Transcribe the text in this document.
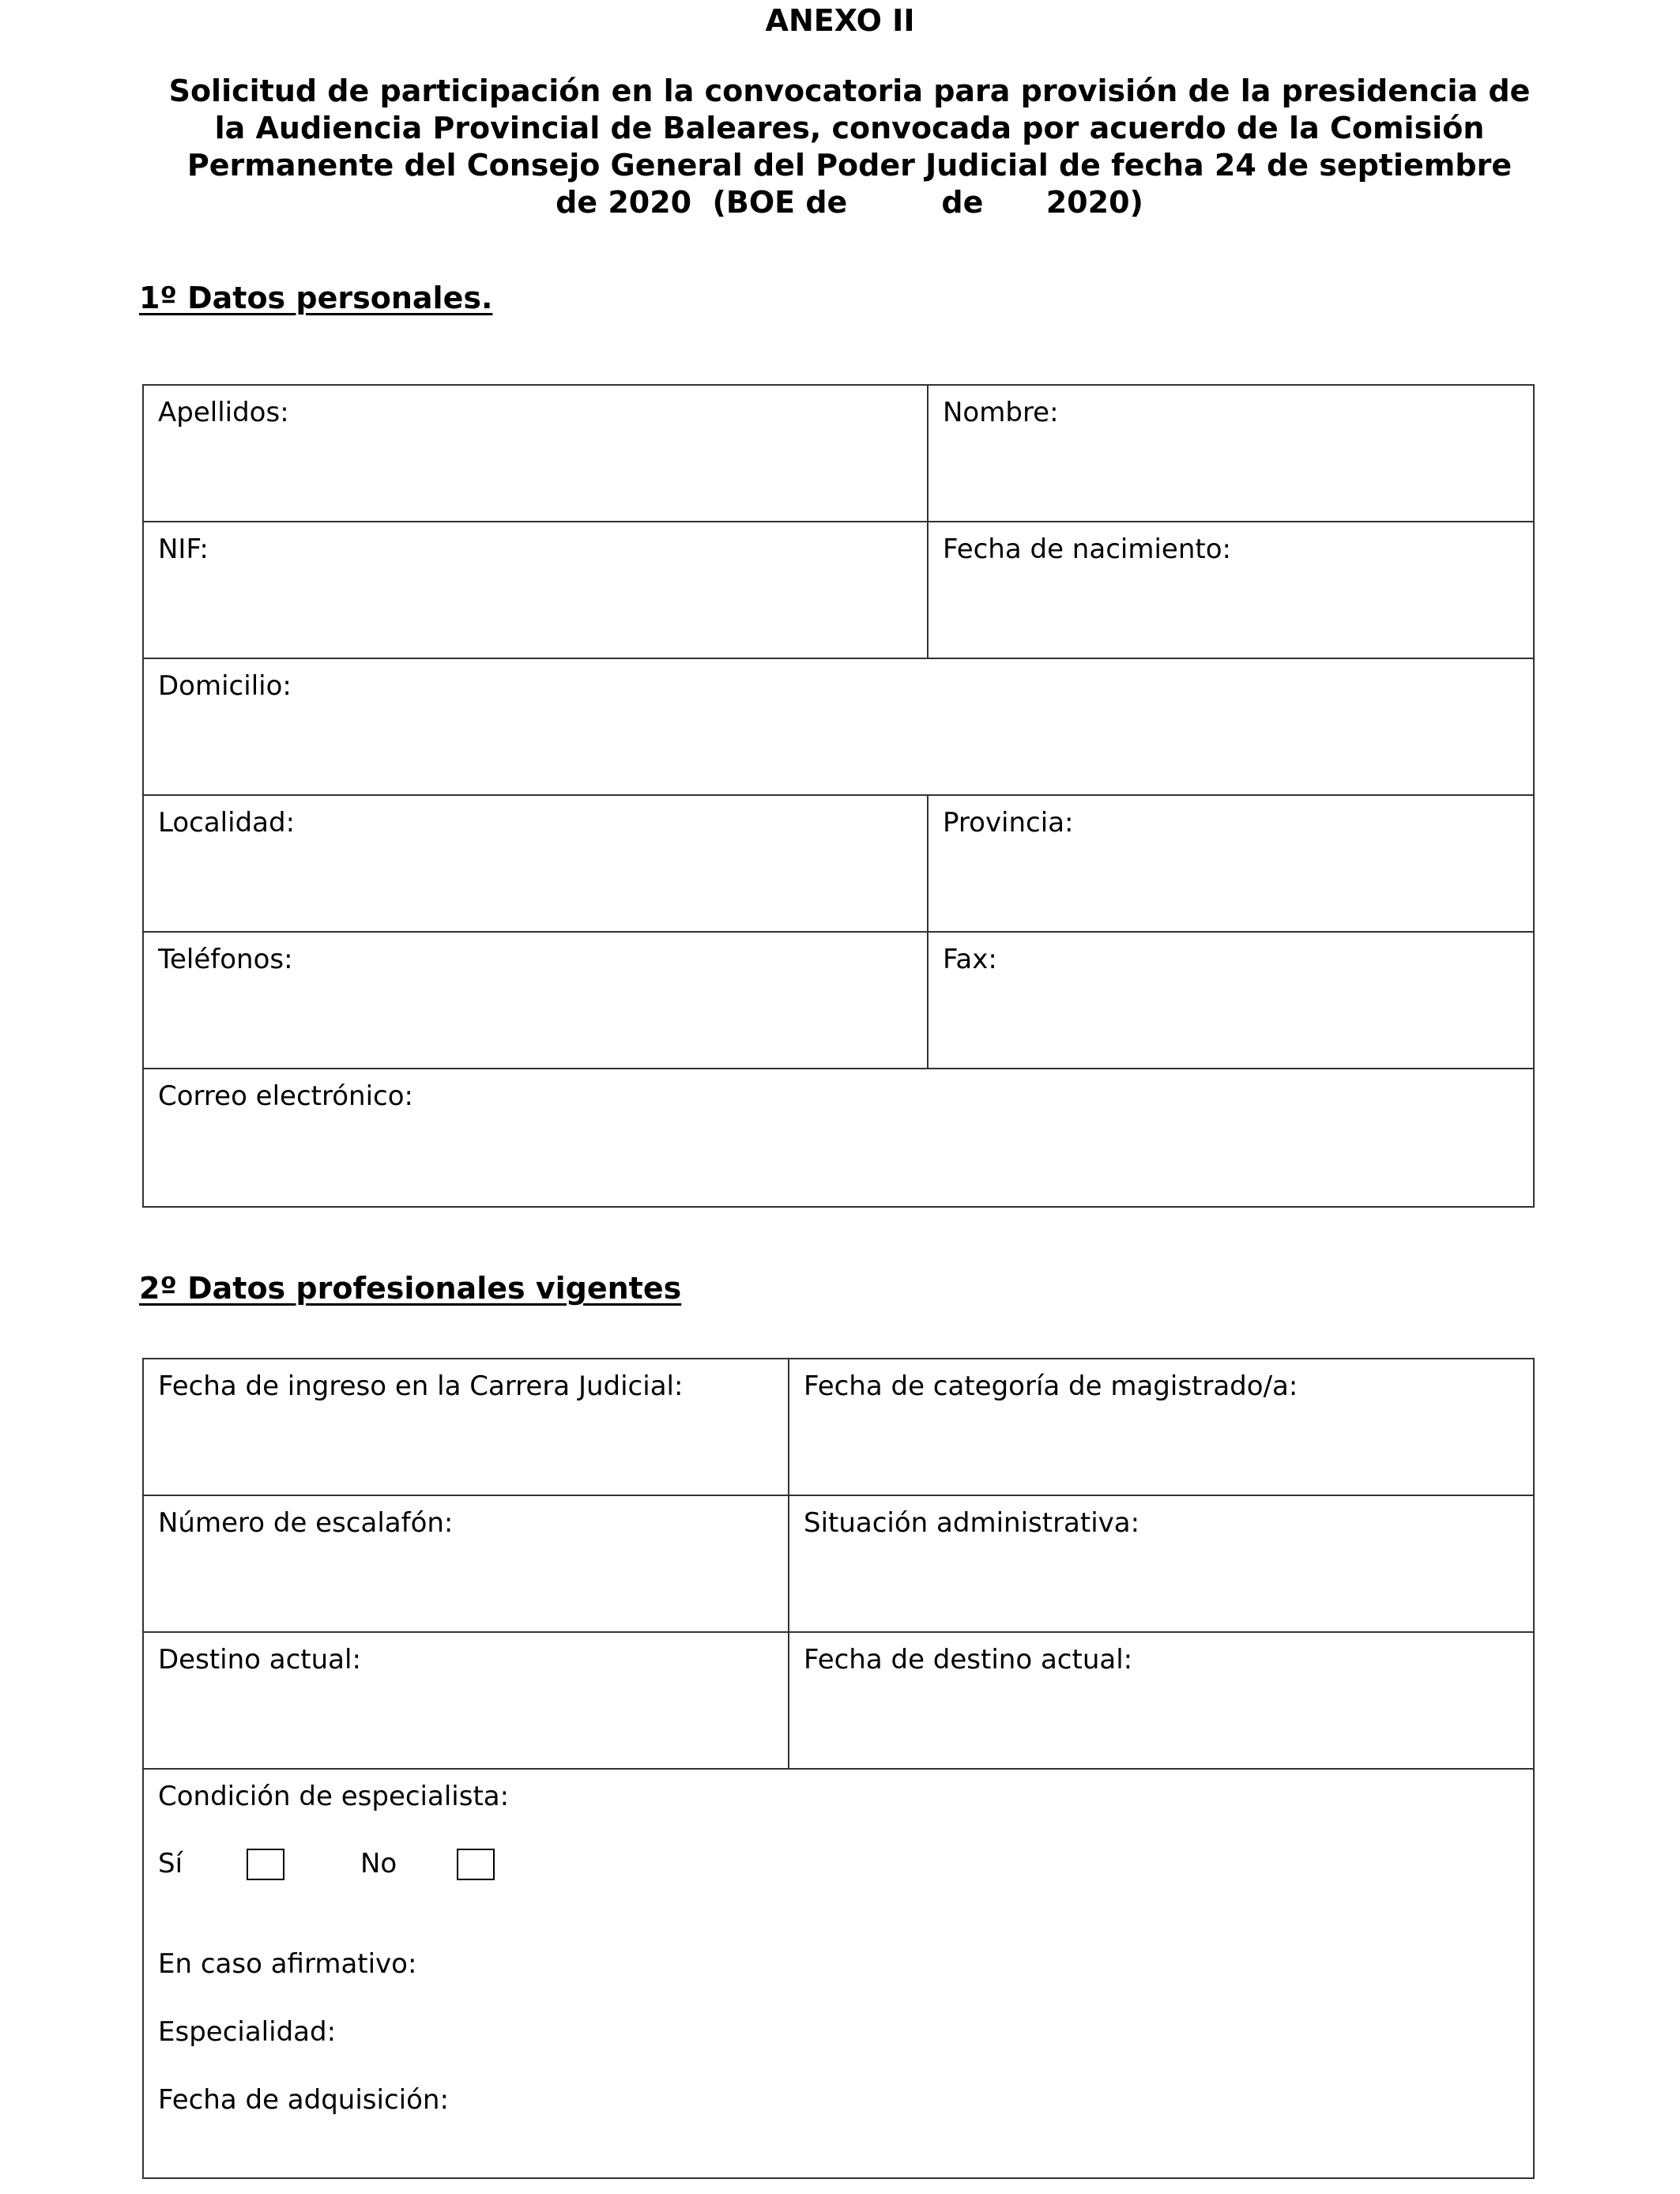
ANEXO II
Solicitud de participación en la convocatoria para provisión de la presidencia de
la Audiencia Provincial de Baleares, convocada por acuerdo de la Comisión
Permanente del Consejo General del Poder Judicial de fecha 24 de septiembre
de 2020  (BOE de         de      2020)
1º Datos personales.
Apellidos:	Nombre:
NIF:	Fecha de nacimiento:
Domicilio:
Localidad:	Provincia:
Teléfonos:	Fax:
Correo electrónico:
2º Datos profesionales vigentes
Fecha de ingreso en la Carrera Judicial:	Fecha de categoría de magistrado/a:
Número de escalafón:	Situación administrativa:
Destino actual:	Fecha de destino actual:

Condición de especialista:

Sí

	No

En caso afirmativo:

Especialidad:

Fecha de adquisición:
